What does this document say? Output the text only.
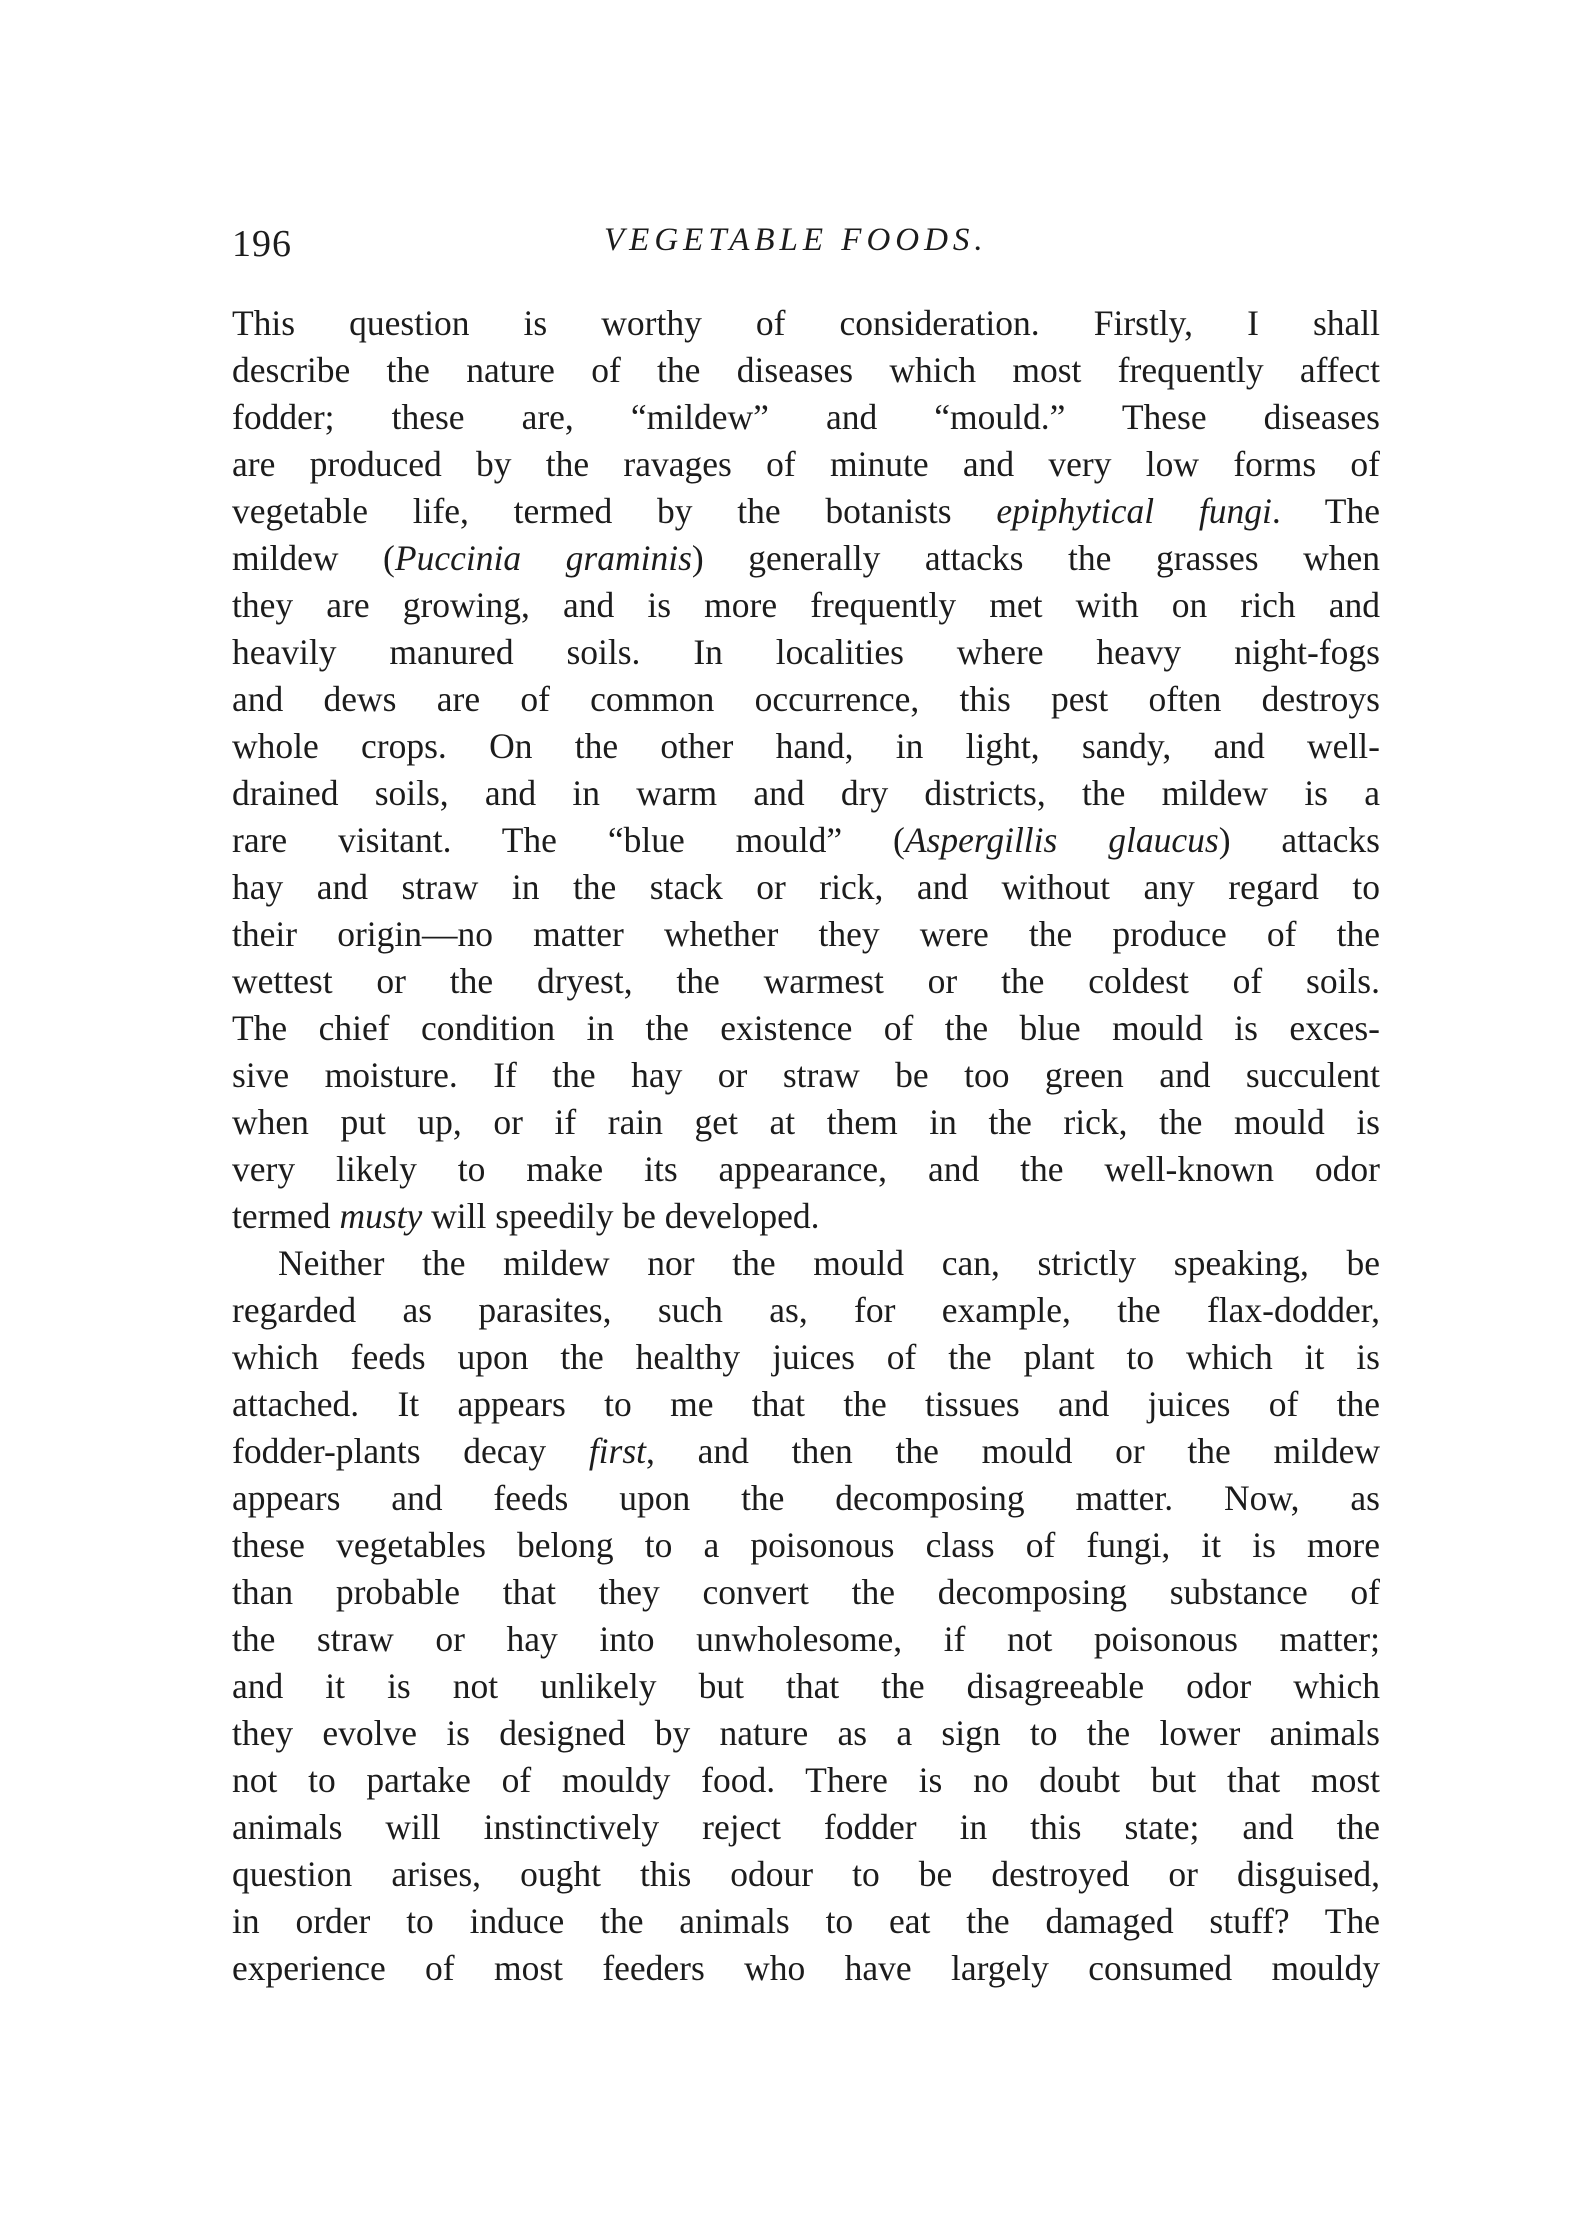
196	VEGETABLE FOODS.
This question is worthy of consideration. Firstly, I shall
describe the nature of the diseases which most frequently affect
fodder; these are, “mildew” and “mould.” These diseases
are produced by the ravages of minute and very low forms of
vegetable life, termed by the botanists epiphytical fungi. The
mildew (Puccinia graminis) generally attacks the grasses when
they are growing, and is more frequently met with on rich and
heavily manured soils. In localities where heavy night-fogs
and dews are of common occurrence, this pest often destroys
whole crops. On the other hand, in light, sandy, and well-
drained soils, and in warm and dry districts, the mildew is a
rare visitant. The “blue mould” (Aspergillis glaucus) attacks
hay and straw in the stack or rick, and without any regard to
their origin—no matter whether they were the produce of the
wettest or the dryest, the warmest or the coldest of soils.
The chief condition in the existence of the blue mould is exces-
sive moisture. If the hay or straw be too green and succulent
when put up, or if rain get at them in the rick, the mould is
very likely to make its appearance, and the well-known odor
termed musty will speedily be developed.
Neither the mildew nor the mould can, strictly speaking, be
regarded as parasites, such as, for example, the flax-dodder,
which feeds upon the healthy juices of the plant to which it is
attached. It appears to me that the tissues and juices of the
fodder-plants decay first, and then the mould or the mildew
appears and feeds upon the decomposing matter. Now, as
these vegetables belong to a poisonous class of fungi, it is more
than probable that they convert the decomposing substance of
the straw or hay into unwholesome, if not poisonous matter;
and it is not unlikely but that the disagreeable odor which
they evolve is designed by nature as a sign to the lower animals
not to partake of mouldy food. There is no doubt but that most
animals will instinctively reject fodder in this state; and the
question arises, ought this odour to be destroyed or disguised,
in order to induce the animals to eat the damaged stuff? The
experience of most feeders who have largely consumed mouldy
